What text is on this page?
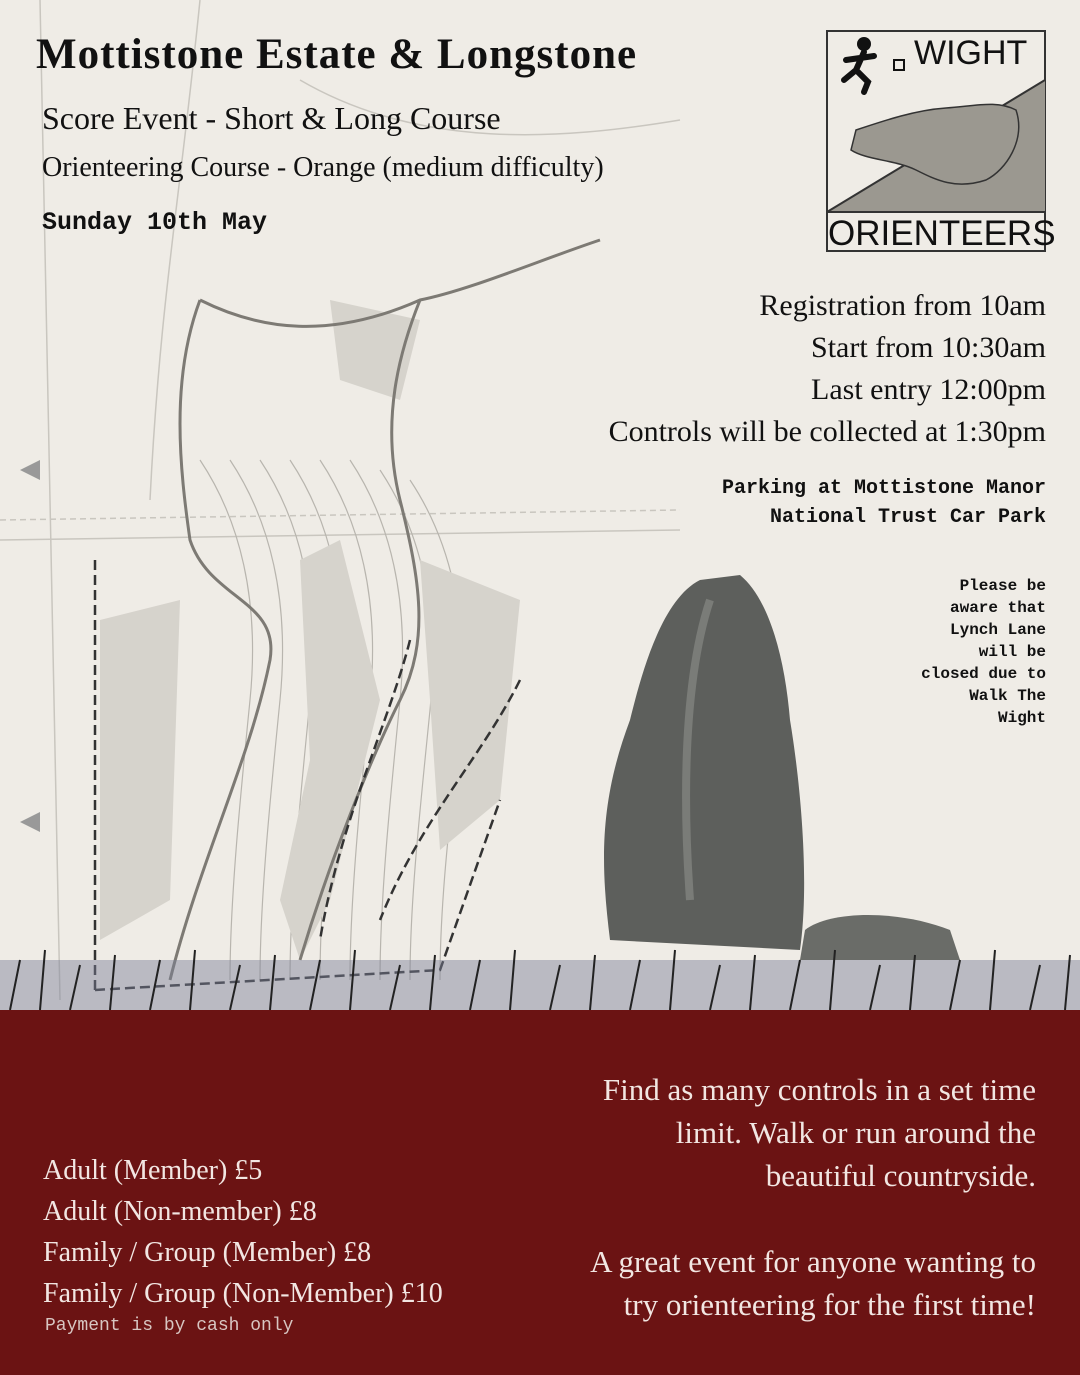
Mottistone Estate & Longstone
Score Event - Short & Long Course
Orienteering Course - Orange (medium difficulty)
Sunday 10th May
WIGHT
ORIENTEERS
Registration from 10am
Start from 10:30am
Last entry 12:00pm
Controls will be collected at 1:30pm
Parking at Mottistone Manor
National Trust Car Park
Please be
aware that
Lynch Lane
will be
closed due to
Walk The
Wight
Find as many controls in a set time
limit. Walk or run around the
beautiful countryside.
A great event for anyone wanting to
try orienteering for the first time!
Adult (Member) £5
Adult (Non-member) £8
Family / Group (Member) £8
Family / Group (Non-Member) £10
Payment is by cash only
